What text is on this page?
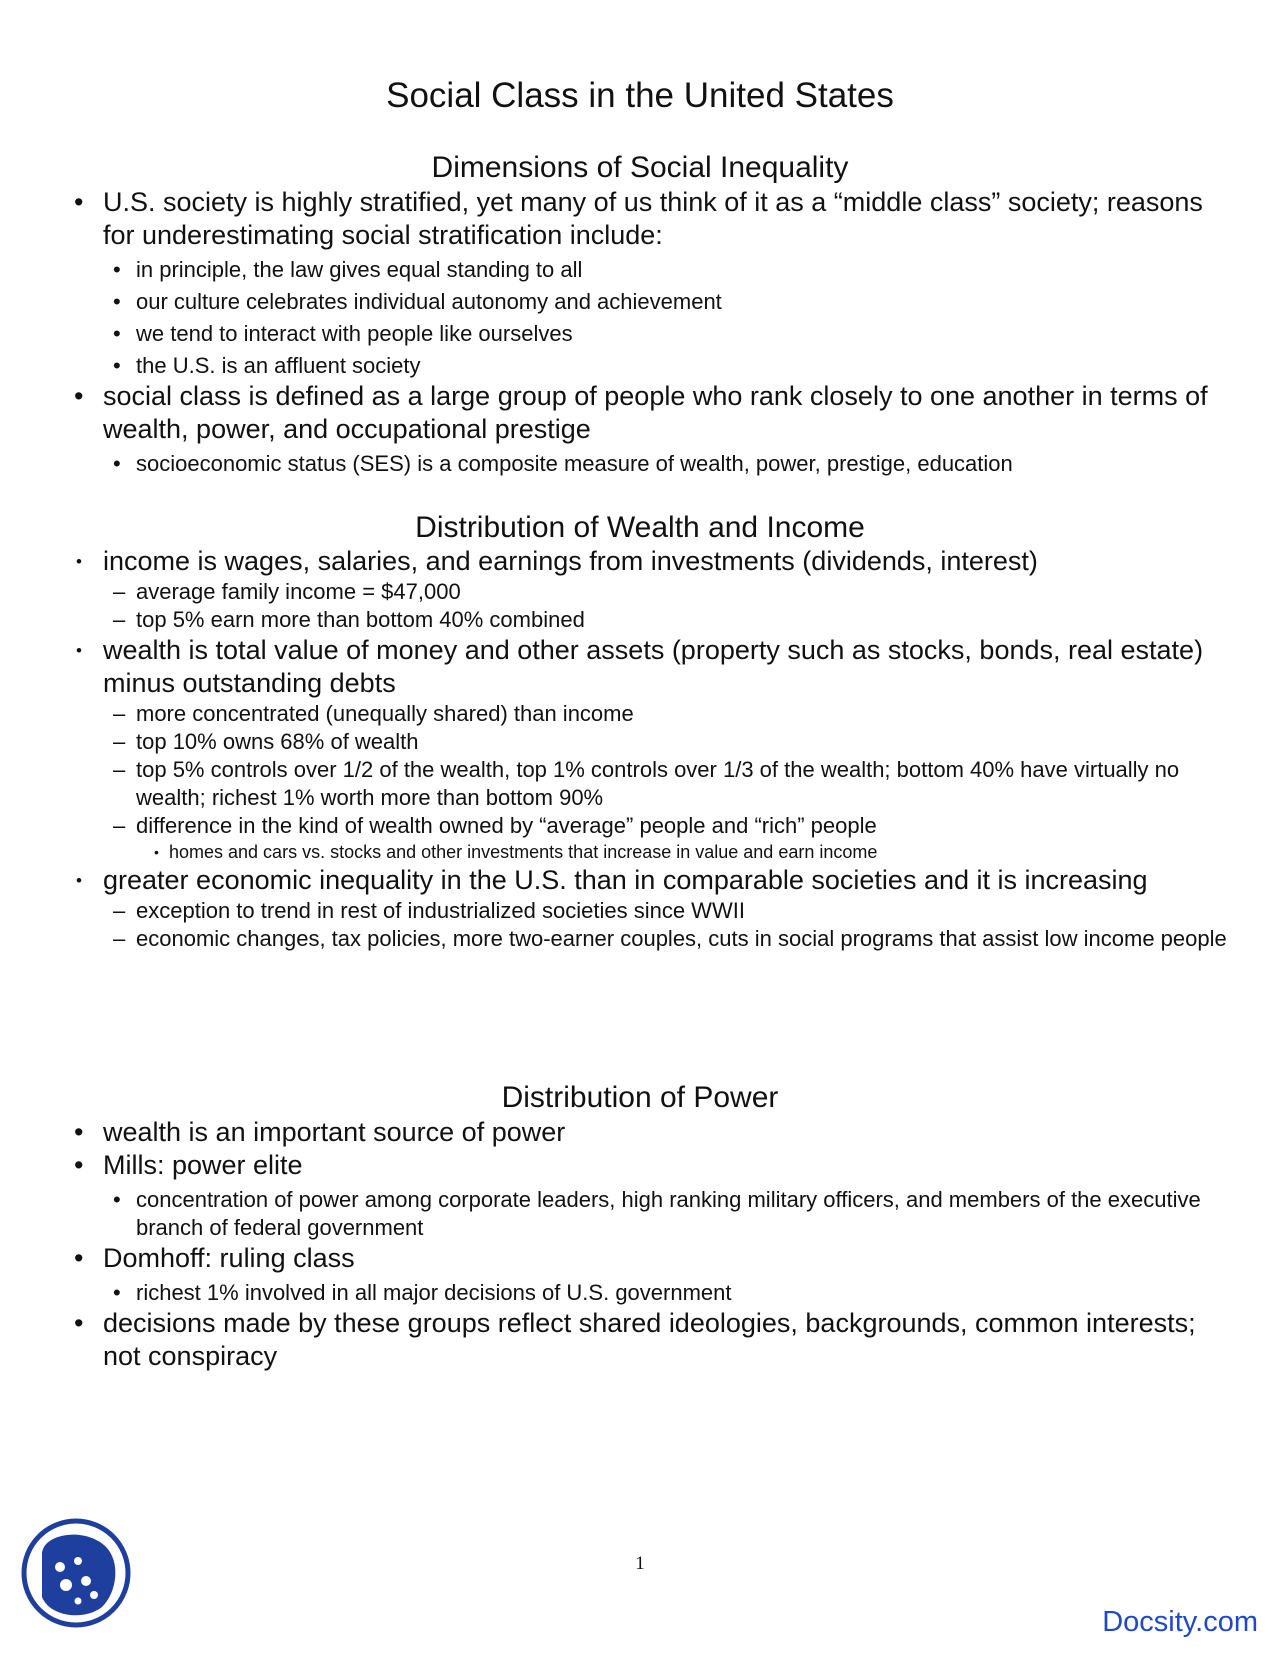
Social Class in the United States
Dimensions of Social Inequality
• U.S. society is highly stratified, yet many of us think of it as a “middle class” society; reasons for underestimating social stratification include:
• in principle, the law gives equal standing to all
• our culture celebrates individual autonomy and achievement
• we tend to interact with people like ourselves
• the U.S. is an affluent society
• social class is defined as a large group of people who rank closely to one another in terms of wealth, power, and occupational prestige
• socioeconomic status (SES) is a composite measure of wealth, power, prestige, education
Distribution of Wealth and Income
• income is wages, salaries, and earnings from investments (dividends, interest)
– average family income = $47,000
– top 5% earn more than bottom 40% combined
• wealth is total value of money and other assets (property such as stocks, bonds, real estate) minus outstanding debts
– more concentrated (unequally shared) than income
– top 10% owns 68% of wealth
– top 5% controls over 1/2 of the wealth, top 1% controls over 1/3 of the wealth; bottom 40% have virtually no wealth; richest 1% worth more than bottom 90%
– difference in the kind of wealth owned by “average” people and “rich” people
• homes and cars vs. stocks and other investments that increase in value and earn income
• greater economic inequality in the U.S. than in comparable societies and it is increasing
– exception to trend in rest of industrialized societies since WWII
– economic changes, tax policies, more two-earner couples, cuts in social programs that assist low income people
Distribution of Power
• wealth is an important source of power
• Mills: power elite
• concentration of power among corporate leaders, high ranking military officers, and members of the executive branch of federal government
• Domhoff: ruling class
• richest 1% involved in all major decisions of U.S. government
• decisions made by these groups reflect shared ideologies, backgrounds, common interests; not conspiracy
1
Docsity.com
